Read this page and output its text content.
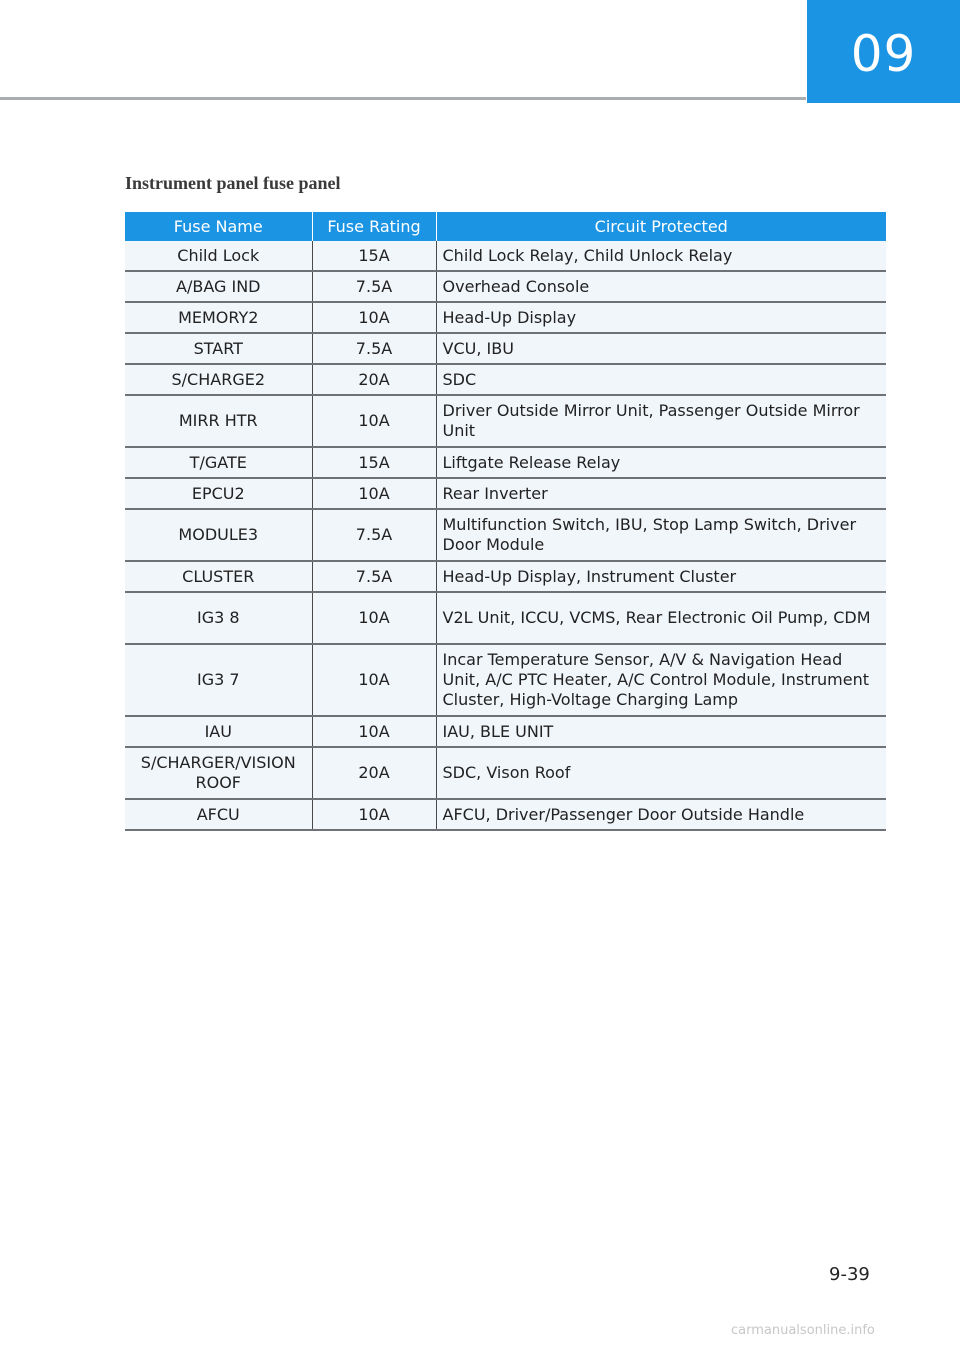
09
Instrument panel fuse panel
Fuse Name	Fuse Rating	Circuit Protected
Child Lock	15A	Child Lock Relay, Child Unlock Relay
A/BAG IND	7.5A	Overhead Console
MEMORY2	10A	Head-Up Display
START	7.5A	VCU, IBU
S/CHARGE2	20A	SDC
MIRR HTR	10A	Driver Outside Mirror Unit, Passenger Outside Mirror Unit
T/GATE	15A	Liftgate Release Relay
EPCU2	10A	Rear Inverter
MODULE3	7.5A	Multifunction Switch, IBU, Stop Lamp Switch, Driver Door Module
CLUSTER	7.5A	Head-Up Display, Instrument Cluster
IG3 8	10A	V2L Unit, ICCU, VCMS, Rear Electronic Oil Pump, CDM
IG3 7	10A	Incar Temperature Sensor, A/V & Navigation Head Unit, A/C PTC Heater, A/C Control Module, Instrument Cluster, High-Voltage Charging Lamp
IAU	10A	IAU, BLE UNIT
S/CHARGER/VISION ROOF	20A	SDC, Vison Roof
AFCU	10A	AFCU, Driver/Passenger Door Outside Handle
9-39
carmanualsonline.info
